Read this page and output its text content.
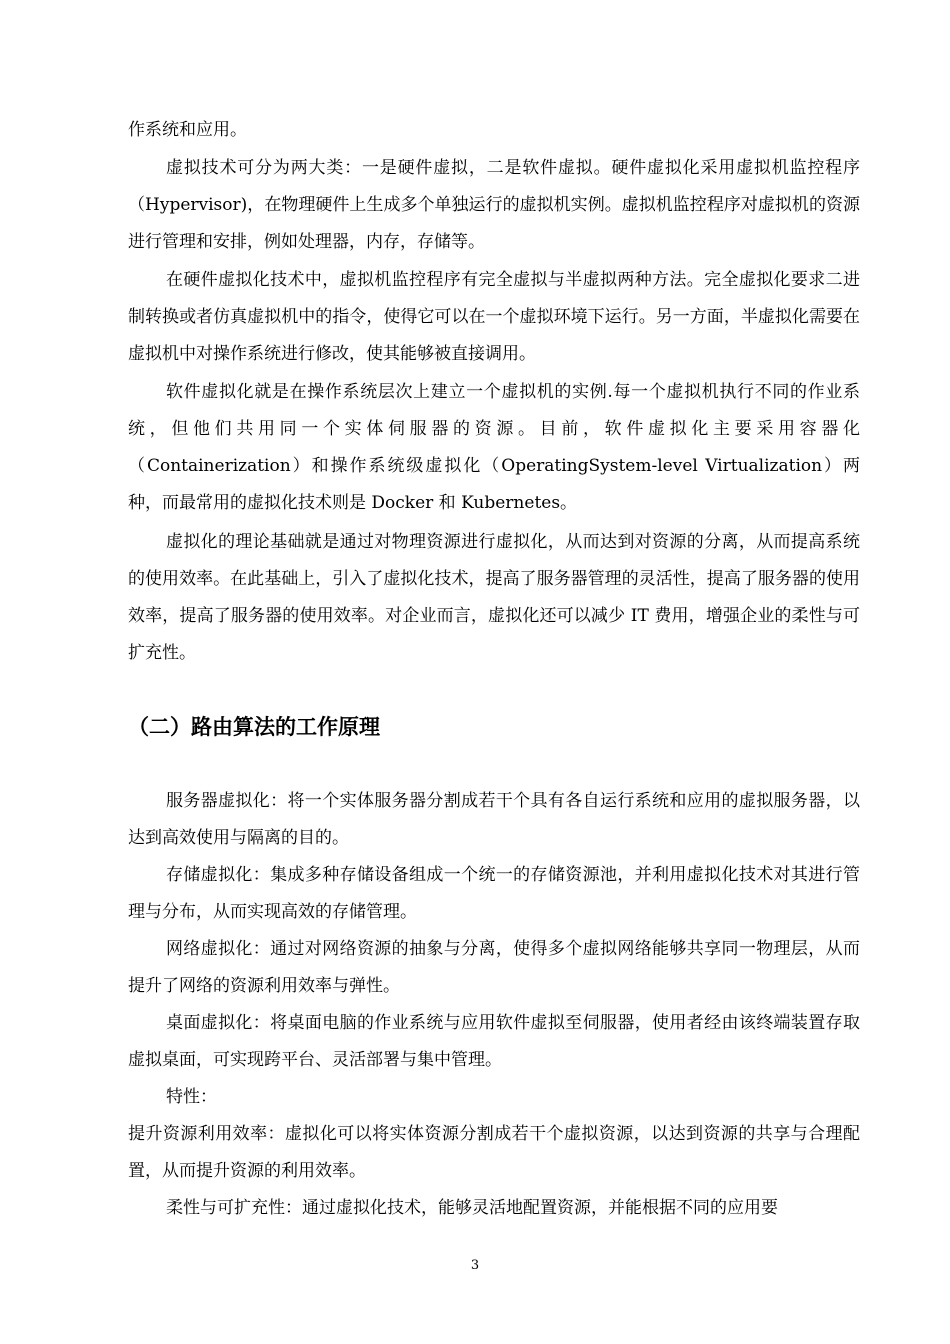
作系统和应用。

虚拟技术可分为两大类：一是硬件虚拟，二是软件虚拟。硬件虚拟化采用虚拟机监控程序（Hypervisor)，在物理硬件上生成多个单独运行的虚拟机实例。虚拟机监控程序对虚拟机的资源进行管理和安排，例如处理器，内存，存储等。

在硬件虚拟化技术中，虚拟机监控程序有完全虚拟与半虚拟两种方法。完全虚拟化要求二进制转换或者仿真虚拟机中的指令，使得它可以在一个虚拟环境下运行。另一方面，半虚拟化需要在虚拟机中对操作系统进行修改，使其能够被直接调用。

软件虚拟化就是在操作系统层次上建立一个虚拟机的实例.每一个虚拟机执行不同的作业系统，但他们共用同一个实体伺服器的资源。目前，软件虚拟化主要采用容器化（Containerization）和操作系统级虚拟化（OperatingSystem-level Virtualization）两种，而最常用的虚拟化技术则是 Docker 和 Kubernetes。

虚拟化的理论基础就是通过对物理资源进行虚拟化，从而达到对资源的分离，从而提高系统的使用效率。在此基础上，引入了虚拟化技术，提高了服务器管理的灵活性，提高了服务器的使用效率，提高了服务器的使用效率。对企业而言，虚拟化还可以减少 IT 费用，增强企业的柔性与可扩充性。

（二）路由算法的工作原理

服务器虚拟化：将一个实体服务器分割成若干个具有各自运行系统和应用的虚拟服务器，以达到高效使用与隔离的目的。

存储虚拟化：集成多种存储设备组成一个统一的存储资源池，并利用虚拟化技术对其进行管理与分布，从而实现高效的存储管理。

网络虚拟化：通过对网络资源的抽象与分离，使得多个虚拟网络能够共享同一物理层，从而提升了网络的资源利用效率与弹性。

桌面虚拟化：将桌面电脑的作业系统与应用软件虚拟至伺服器，使用者经由该终端装置存取虚拟桌面，可实现跨平台、灵活部署与集中管理。

特性：

提升资源利用效率：虚拟化可以将实体资源分割成若干个虚拟资源，以达到资源的共享与合理配置，从而提升资源的利用效率。

柔性与可扩充性：通过虚拟化技术，能够灵活地配置资源，并能根据不同的应用要

3
